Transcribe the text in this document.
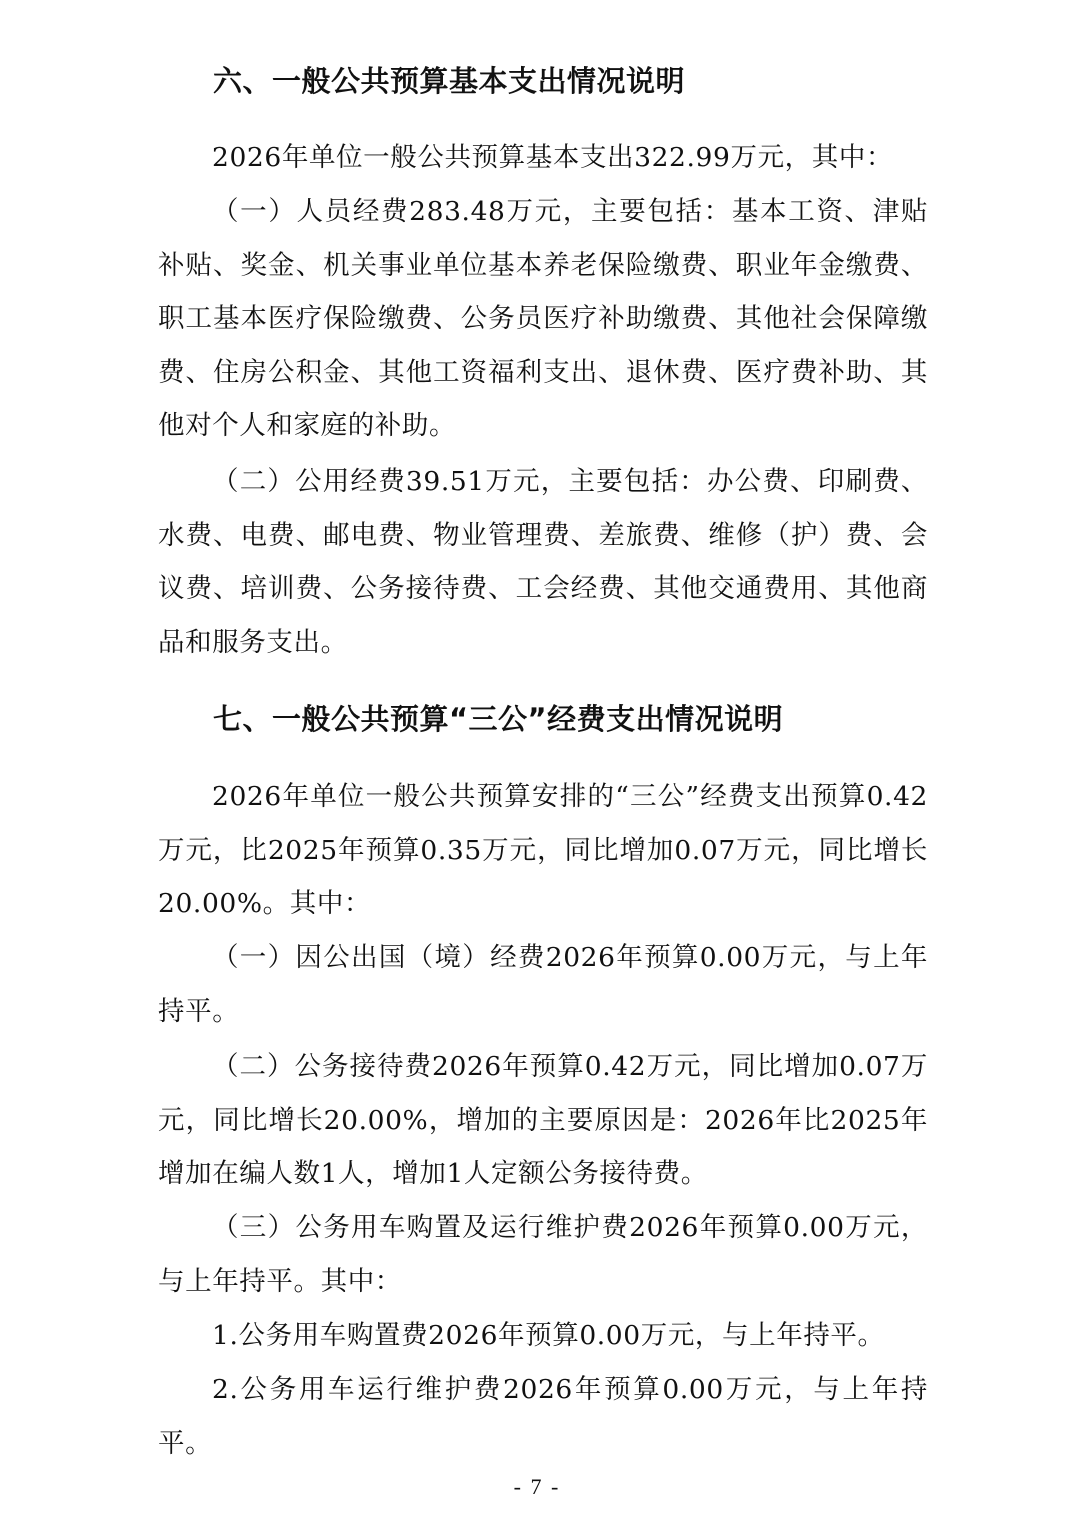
六、一般公共预算基本支出情况说明

2026年单位一般公共预算基本支出322.99万元，其中：

（一）人员经费283.48万元，主要包括：基本工资、津贴补贴、奖金、机关事业单位基本养老保险缴费、职业年金缴费、职工基本医疗保险缴费、公务员医疗补助缴费、其他社会保障缴费、住房公积金、其他工资福利支出、退休费、医疗费补助、其他对个人和家庭的补助。

（二）公用经费39.51万元，主要包括：办公费、印刷费、水费、电费、邮电费、物业管理费、差旅费、维修（护）费、会议费、培训费、公务接待费、工会经费、其他交通费用、其他商品和服务支出。

七、一般公共预算“三公”经费支出情况说明

2026年单位一般公共预算安排的“三公”经费支出预算0.42万元，比2025年预算0.35万元，同比增加0.07万元，同比增长20.00%。其中：

（一）因公出国（境）经费2026年预算0.00万元，与上年持平。

（二）公务接待费2026年预算0.42万元，同比增加0.07万元，同比增长20.00%，增加的主要原因是：2026年比2025年增加在编人数1人，增加1人定额公务接待费。

（三）公务用车购置及运行维护费2026年预算0.00万元，与上年持平。其中：

1.公务用车购置费2026年预算0.00万元，与上年持平。

2.公务用车运行维护费2026年预算0.00万元，与上年持平。

- 7 -
